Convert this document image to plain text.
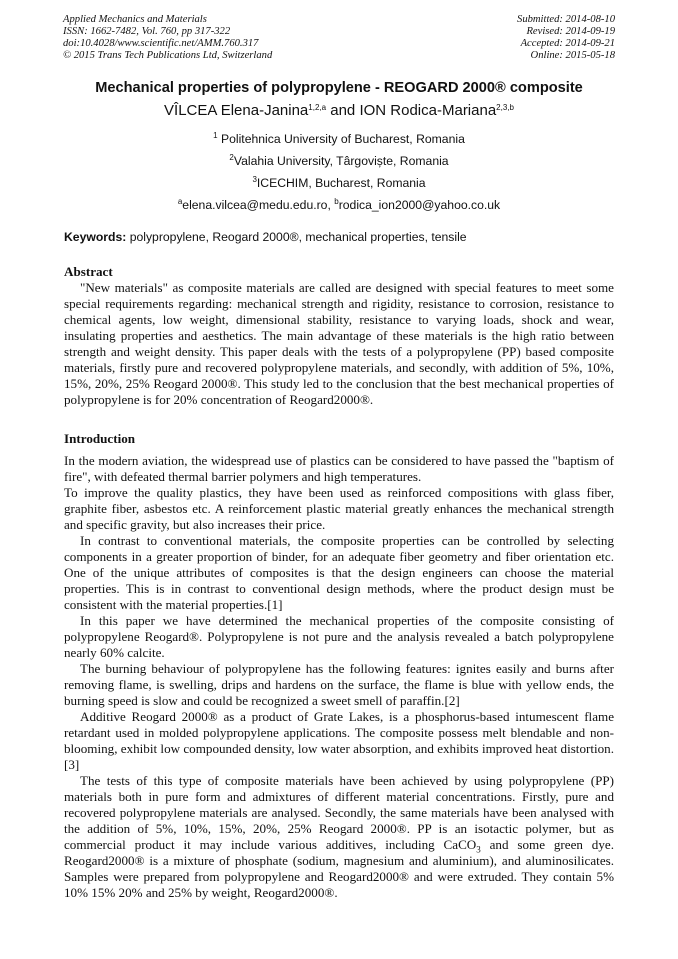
Applied Mechanics and Materials
ISSN: 1662-7482, Vol. 760, pp 317-322
doi:10.4028/www.scientific.net/AMM.760.317
© 2015 Trans Tech Publications Ltd, Switzerland
Submitted: 2014-08-10
Revised: 2014-09-19
Accepted: 2014-09-21
Online: 2015-05-18
Mechanical properties of polypropylene - REOGARD 2000® composite
VÎLCEA Elena-Janina$^{1,2,a}$ and ION Rodica-Mariana$^{2,3,b}$
$^1$ Politehnica University of Bucharest, Romania
$^2$Valahia University, Târgoviște, Romania
$^3$ICECHIM, Bucharest, Romania
$^a$elena.vilcea@medu.edu.ro, $^b$rodica_ion2000@yahoo.co.uk
Keywords: polypropylene, Reogard 2000®, mechanical properties, tensile
Abstract

"New materials" as composite materials are called are designed with special features to meet some special requirements regarding: mechanical strength and rigidity, resistance to corrosion, resistance to chemical agents, low weight, dimensional stability, resistance to varying loads, shock and wear, insulating properties and aesthetics. The main advantage of these materials is the high ratio between strength and weight density. This paper deals with the tests of a polypropylene (PP) based composite materials, firstly pure and recovered polypropylene materials, and secondly, with addition of 5%, 10%, 15%, 20%, 25% Reogard 2000®. This study led to the conclusion that the best mechanical properties of polypropylene is for 20% concentration of Reogard2000®.

Introduction

In the modern aviation, the widespread use of plastics can be considered to have passed the "baptism of fire", with defeated thermal barrier polymers and high temperatures.

To improve the quality plastics, they have been used as reinforced compositions with glass fiber, graphite fiber, asbestos etc. A reinforcement plastic material greatly enhances the mechanical strength and specific gravity, but also increases their price.

In contrast to conventional materials, the composite properties can be controlled by selecting components in a greater proportion of binder, for an adequate fiber geometry and fiber orientation etc. One of the unique attributes of composites is that the design engineers can choose the material properties. This is in contrast to conventional design methods, where the product design must be consistent with the material properties.[1]

In this paper we have determined the mechanical properties of the composite consisting of polypropylene Reogard®. Polypropylene is not pure and the analysis revealed a batch polypropylene nearly 60% calcite.

The burning behaviour of polypropylene has the following features: ignites easily and burns after removing flame, is swelling, drips and hardens on the surface, the flame is blue with yellow ends, the burning speed is slow and could be recognized a sweet smell of paraffin.[2]

Additive Reogard 2000® as a product of Grate Lakes, is a phosphorus-based intumescent flame retardant used in molded polypropylene applications. The composite possess melt blendable and non-blooming, exhibit low compounded density, low water absorption, and exhibits improved heat distortion.[3]

The tests of this type of composite materials have been achieved by using polypropylene (PP) materials both in pure form and admixtures of different material concentrations. Firstly, pure and recovered polypropylene materials are analysed. Secondly, the same materials have been analysed with the addition of 5%, 10%, 15%, 20%, 25% Reogard 2000®. PP is an isotactic polymer, but as commercial product it may include various additives, including CaCO$_3$ and some green dye. Reogard2000® is a mixture of phosphate (sodium, magnesium and aluminium), and aluminosilicates. Samples were prepared from polypropylene and Reogard2000® and were extruded. They contain 5% 10% 15% 20% and 25% by weight, Reogard2000®.
